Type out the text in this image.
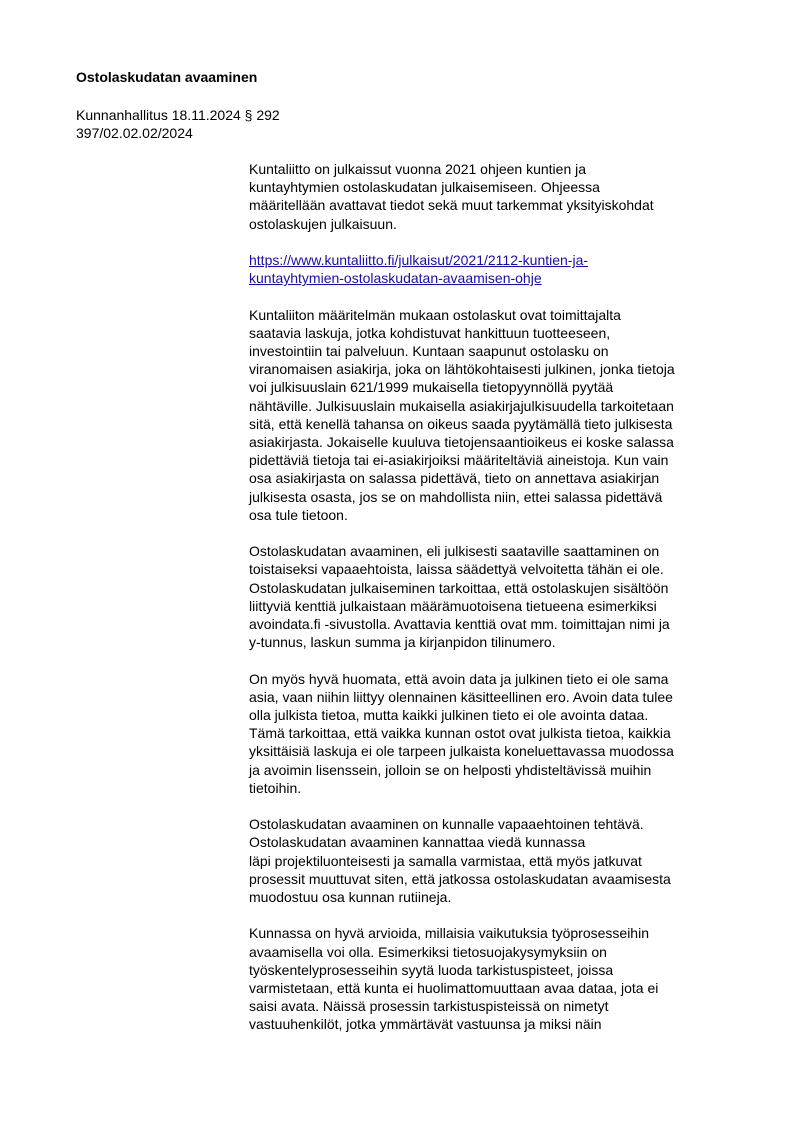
Ostolaskudatan avaaminen
Kunnanhallitus 18.11.2024 § 292
397/02.02.02/2024
Kuntaliitto on julkaissut vuonna 2021 ohjeen kuntien ja
kuntayhtymien ostolaskudatan julkaisemiseen. Ohjeessa
määritellään avattavat tiedot sekä muut tarkemmat yksityiskohdat
ostolaskujen julkaisuun.
https://www.kuntaliitto.fi/julkaisut/2021/2112-kuntien-ja-
kuntayhtymien-ostolaskudatan-avaamisen-ohje
Kuntaliiton määritelmän mukaan ostolaskut ovat toimittajalta
saatavia laskuja, jotka kohdistuvat hankittuun tuotteeseen,
investointiin tai palveluun. Kuntaan saapunut ostolasku on
viranomaisen asiakirja, joka on lähtökohtaisesti julkinen, jonka tietoja
voi julkisuuslain 621/1999 mukaisella tietopyynnöllä pyytää
nähtäville. Julkisuuslain mukaisella asiakirjajulkisuudella tarkoitetaan
sitä, että kenellä tahansa on oikeus saada pyytämällä tieto julkisesta
asiakirjasta. Jokaiselle kuuluva tietojensaantioikeus ei koske salassa
pidettäviä tietoja tai ei-asiakirjoiksi määriteltäviä aineistoja. Kun vain
osa asiakirjasta on salassa pidettävä, tieto on annettava asiakirjan
julkisesta osasta, jos se on mahdollista niin, ettei salassa pidettävä
osa tule tietoon.
Ostolaskudatan avaaminen, eli julkisesti saataville saattaminen on
toistaiseksi vapaaehtoista, laissa säädettyä velvoitetta tähän ei ole.
Ostolaskudatan julkaiseminen tarkoittaa, että ostolaskujen sisältöön
liittyviä kenttiä julkaistaan määrämuotoisena tietueena esimerkiksi
avoindata.fi -sivustolla. Avattavia kenttiä ovat mm. toimittajan nimi ja
y-tunnus, laskun summa ja kirjanpidon tilinumero.
On myös hyvä huomata, että avoin data ja julkinen tieto ei ole sama
asia, vaan niihin liittyy olennainen käsitteellinen ero. Avoin data tulee
olla julkista tietoa, mutta kaikki julkinen tieto ei ole avointa dataa.
Tämä tarkoittaa, että vaikka kunnan ostot ovat julkista tietoa, kaikkia
yksittäisiä laskuja ei ole tarpeen julkaista koneluettavassa muodossa
ja avoimin lisenssein, jolloin se on helposti yhdisteltävissä muihin
tietoihin.
Ostolaskudatan avaaminen on kunnalle vapaaehtoinen tehtävä.
Ostolaskudatan avaaminen kannattaa viedä kunnassa
läpi projektiluonteisesti ja samalla varmistaa, että myös jatkuvat
prosessit muuttuvat siten, että jatkossa ostolaskudatan avaamisesta
muodostuu osa kunnan rutiineja.
Kunnassa on hyvä arvioida, millaisia vaikutuksia työprosesseihin
avaamisella voi olla. Esimerkiksi tietosuojakysymyksiin on
työskentelyprosesseihin syytä luoda tarkistuspisteet, joissa
varmistetaan, että kunta ei huolimattomuuttaan avaa dataa, jota ei
saisi avata. Näissä prosessin tarkistuspisteissä on nimetyt
vastuuhenkilöt, jotka ymmärtävät vastuunsa ja miksi näin
